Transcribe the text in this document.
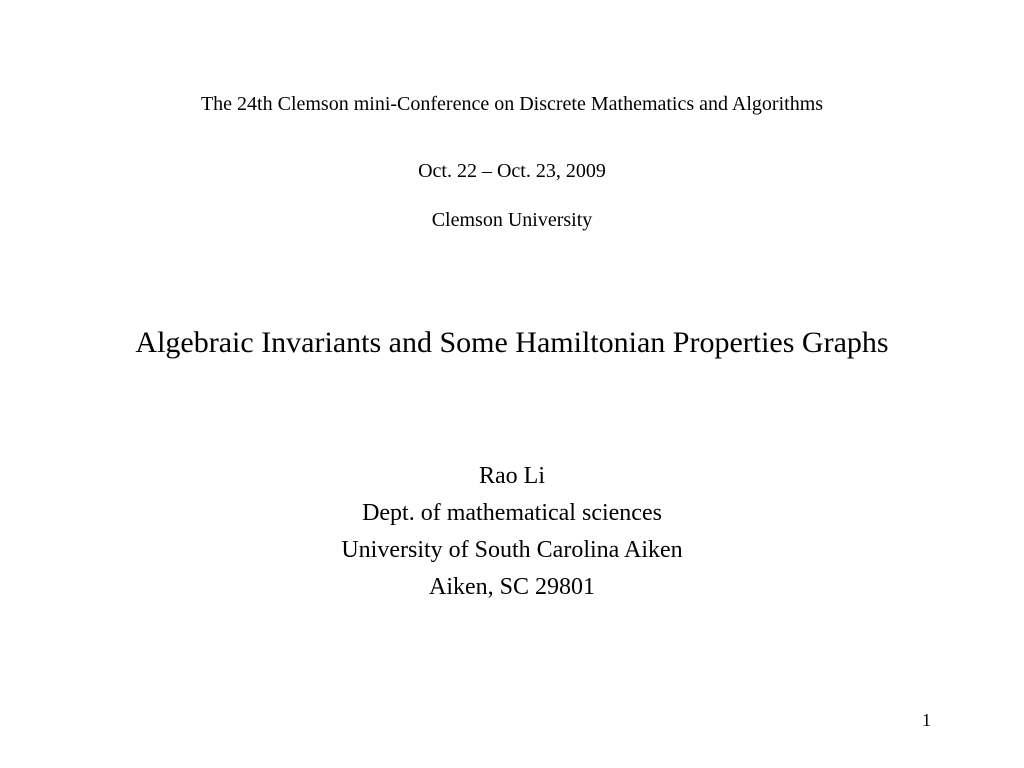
The 24th Clemson mini-Conference on Discrete Mathematics and Algorithms
Oct. 22 – Oct. 23, 2009
Clemson University
Algebraic Invariants and Some Hamiltonian Properties Graphs
Rao Li
Dept. of mathematical sciences
University of South Carolina Aiken
Aiken, SC 29801
1
